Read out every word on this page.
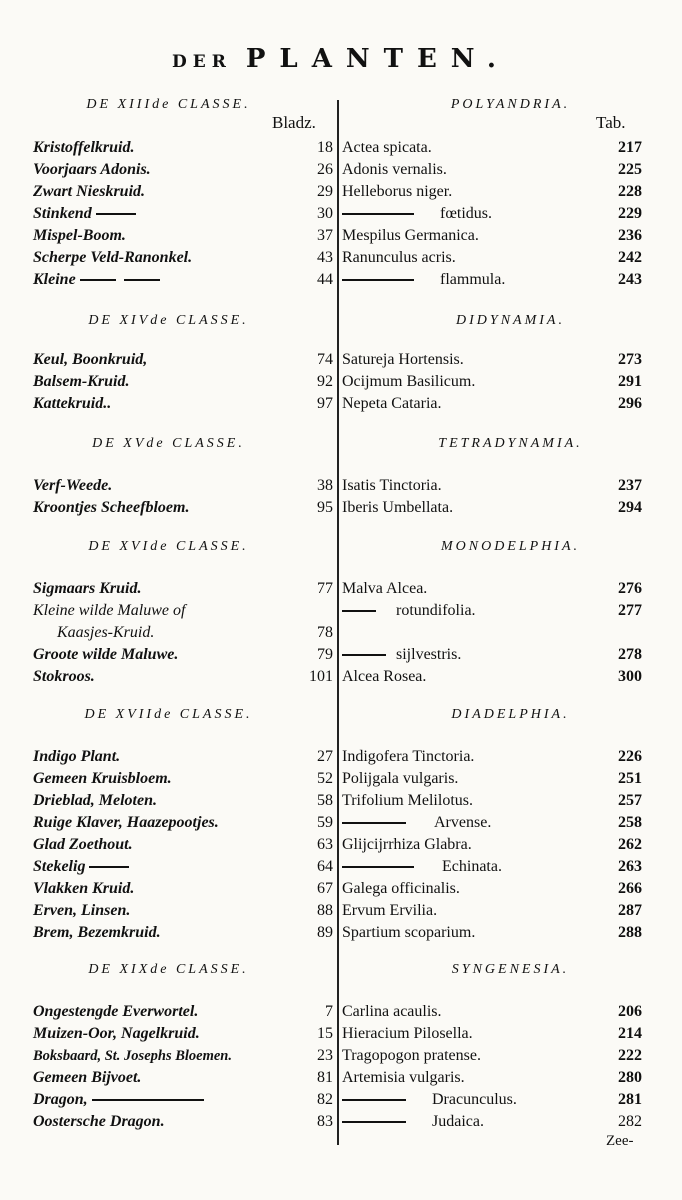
DER PLANTEN.
Bladz.	Tab.
DE XIIIde CLASSE.	POLYANDRIA.
Kristoffelkruid.	18 Actea spicata.	217
Voorjaars Adonis.	26 Adonis vernalis.	225
Zwart Nieskruid.	29 Helleborus niger.	228
Stinkend	30	fœtidus.	229
Mispel-Boom.	37 Mespilus Germanica.	236
Scherpe Veld-Ranonkel.	43 Ranunculus acris.	242
Kleine	44	flammula.	243
DE XIVde CLASSE.	DIDYNAMIA.
Keul, Boonkruid,	74 Satureja Hortensis.	273
Balsem-Kruid.	92 Ocijmum Basilicum.	291
Kattekruid..	97 Nepeta Cataria.	296
DE XVde CLASSE.	TETRADYNAMIA.
Verf-Weede.	38 Isatis Tinctoria.	237
Kroontjes Scheefbloem.	95 Iberis Umbellata.	294
DE XVIde CLASSE.	MONODELPHIA.
Sigmaars Kruid.	77 Malva Alcea.	276
Kleine wilde Maluwe of	rotundifolia.	277
Kaasjes-Kruid.	78
Groote wilde Maluwe.	79	sijlvestris.	278
Stokroos.	101 Alcea Rosea.	300
DE XVIIde CLASSE.	DIADELPHIA.
Indigo Plant.	27 Indigofera Tinctoria.	226
Gemeen Kruisbloem.	52 Polijgala vulgaris.	251
Drieblad, Meloten.	58 Trifolium Melilotus.	257
Ruige Klaver, Haazepootjes.	59	Arvense.	258
Glad Zoethout.	63 Glijcijrrhiza Glabra.	262
Stekelig	64	Echinata.	263
Vlakken Kruid.	67 Galega officinalis.	266
Erven, Linsen.	88 Ervum Ervilia.	287
Brem, Bezemkruid.	89 Spartium scoparium.	288
DE XIXde CLASSE.	SYNGENESIA.
Ongestengde Everwortel.	7 Carlina acaulis.	206
Muizen-Oor, Nagelkruid.	15 Hieracium Pilosella.	214
Boksbaard, St. Josephs Bloemen.	23 Tragopogon pratense.	222
Gemeen Bijvoet.	81 Artemisia vulgaris.	280
Dragon,	82	Dracunculus.	281
Oostersche Dragon.	83	Judaica.	282
Zee-
